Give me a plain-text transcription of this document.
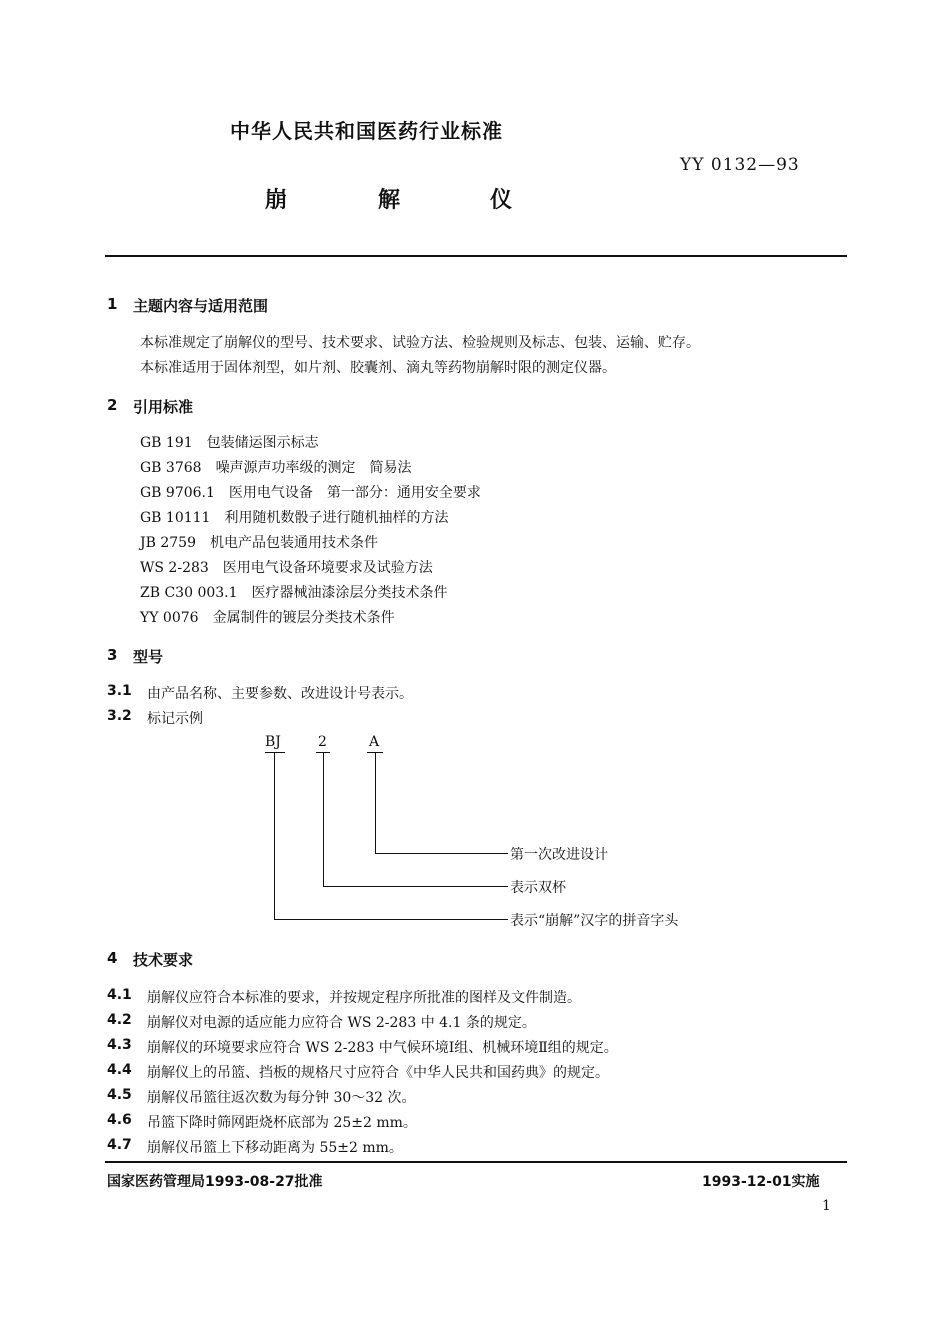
中华人民共和国医药行业标准
YY 0132—93
崩	解	仪
1 主题内容与适用范围
本标准规定了崩解仪的型号、技术要求、试验方法、检验规则及标志、包装、运输、贮存。
本标准适用于固体剂型，如片剂、胶囊剂、滴丸等药物崩解时限的测定仪器。
2 引用标准
GB 191　 包装储运图示标志
GB 3768　 噪声源声功率级的测定　简易法
GB 9706.1　 医用电气设备　第一部分：通用安全要求
GB 10111　 利用随机数骰子进行随机抽样的方法
JB 2759　 机电产品包装通用技术条件
WS 2-283　 医用电气设备环境要求及试验方法
ZB C30 003.1　 医疗器械油漆涂层分类技术条件
YY 0076　 金属制件的镀层分类技术条件
3 型号
3.1 由产品名称、主要参数、改进设计号表示。
3.2 标记示例
BJ	2	A
第一次改进设计
表示双杯
表示“崩解”汉字的拼音字头
4 技术要求
4.1 崩解仪应符合本标准的要求，并按规定程序所批准的图样及文件制造。
4.2 崩解仪对电源的适应能力应符合 WS 2-283 中 4.1 条的规定。
4.3 崩解仪的环境要求应符合 WS 2-283 中气候环境Ⅰ组、机械环境Ⅱ组的规定。
4.4 崩解仪上的吊篮、挡板的规格尺寸应符合《中华人民共和国药典》的规定。
4.5 崩解仪吊篮往返次数为每分钟 30～32 次。
4.6 吊篮下降时筛网距烧杯底部为 25±2 mm。
4.7 崩解仪吊篮上下移动距离为 55±2 mm。
国家医药管理局1993-08-27批准	1993-12-01实施
1
